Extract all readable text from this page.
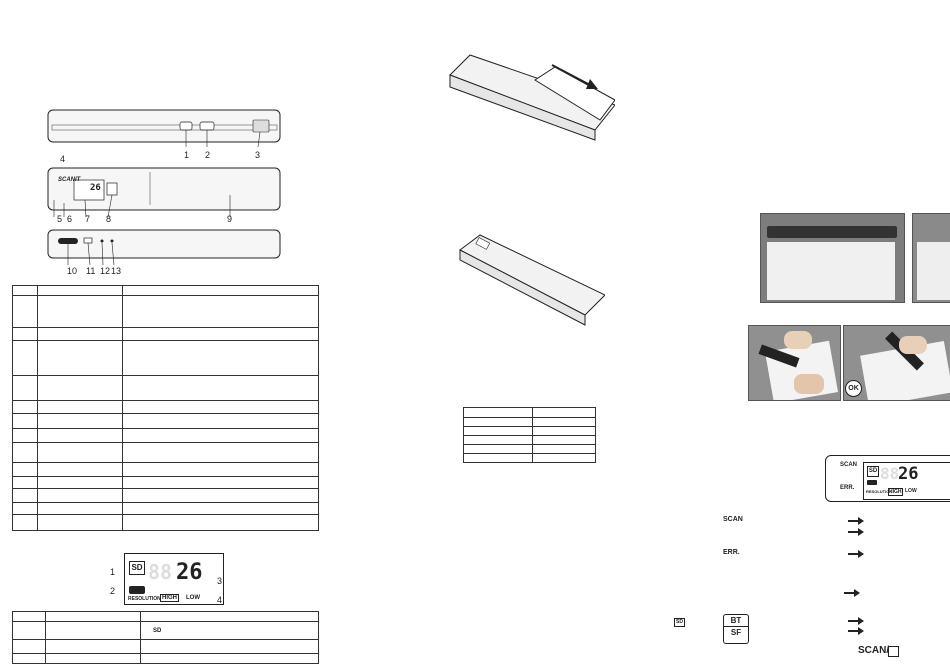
SCANIT
26
1 2	3
4
5 6 7 8	9
10 11 12 13

SD 88 26
RESOLUTION HIGH	LOW
1
2
3
4

		SD

OK
SCAN
ERR.
SD 88
26
RESOLUTION
HIGH LOW
SCAN
ERR.
SD	BT
SF
SCAN/
